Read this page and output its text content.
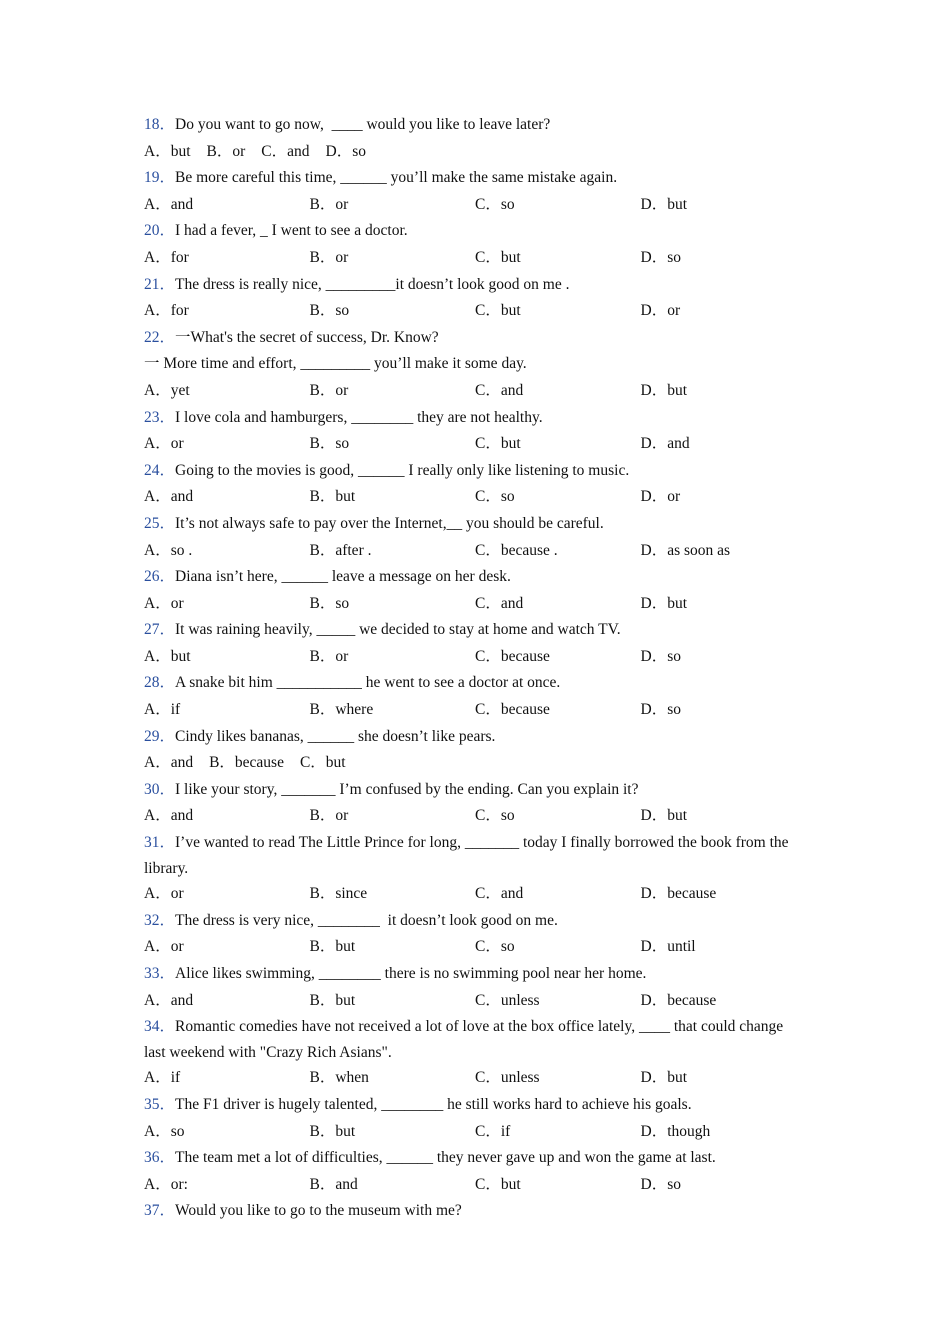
18．Do you want to go now,  ____ would you like to leave later?
A．but B．or C．and D．so
19．Be more careful this time, ______ you’ll make the same mistake again.
A．and	B．or	C．so	D．but
20．I had a fever, _ I went to see a doctor.
A．for	B．or	C．but	D．so
21．The dress is really nice, _________it doesn’t look good on me .
A．for	B．so	C．but	D．or
22．一What's the secret of success, Dr. Know?
一 More time and effort, _________ you’ll make it some day.
A．yet	B．or	C．and	D．but
23．I love cola and hamburgers, ________ they are not healthy.
A．or	B．so	C．but	D．and
24．Going to the movies is good, ______ I really only like listening to music.
A．and	B．but	C．so	D．or
25．It’s not always safe to pay over the Internet,__ you should be careful.
A．so .	B．after .	C．because .	D．as soon as
26．Diana isn’t here, ______ leave a message on her desk.
A．or	B．so	C．and	D．but
27．It was raining heavily, _____ we decided to stay at home and watch TV.
A．but	B．or	C．because	D．so
28．A snake bit him ___________ he went to see a doctor at once.
A．if	B．where	C．because	D．so
29．Cindy likes bananas, ______ she doesn’t like pears.
A．and B．because C．but
30．I like your story, _______ I’m confused by the ending. Can you explain it?
A．and	B．or	C．so	D．but
31．I’ve wanted to read The Little Prince for long, _______ today I finally borrowed the book from the library.
A．or	B．since	C．and	D．because
32．The dress is very nice, ________  it doesn’t look good on me.
A．or	B．but	C．so	D．until
33．Alice likes swimming, ________ there is no swimming pool near her home.
A．and	B．but	C．unless	D．because
34．Romantic comedies have not received a lot of love at the box office lately, ____ that could change last weekend with "Crazy Rich Asians".
A．if	B．when	C．unless	D．but
35．The F1 driver is hugely talented, ________ he still works hard to achieve his goals.
A．so	B．but	C．if	D．though
36．The team met a lot of difficulties, ______ they never gave up and won the game at last.
A．or:	B．and	C．but	D．so
37．Would you like to go to the museum with me?
